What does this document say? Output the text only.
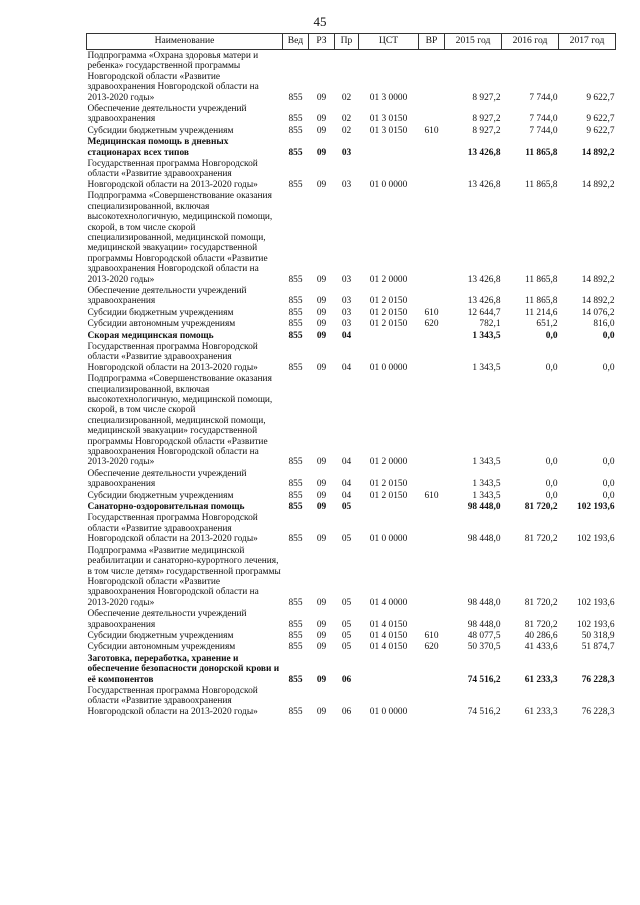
45
Наименование	Вед	РЗ	Пр	ЦСТ	ВР	2015 год	2016 год	2017 год
Подпрограмма «Охрана здоровья матери и ребенка» государственной программы Новгородской области «Развитие здравоохранения Новгородской области на 2013-2020 годы»	855	09	02	01 3 0000		8 927,2	7 744,0	9 622,7
Обеспечение деятельности учреждений здравоохранения	855	09	02	01 3 0150		8 927,2	7 744,0	9 622,7
Субсидии бюджетным учреждениям	855	09	02	01 3 0150	610	8 927,2	7 744,0	9 622,7
Медицинская помощь в дневных стационарах всех типов	855	09	03			13 426,8	11 865,8	14 892,2
Государственная программа Новгородской области «Развитие здравоохранения Новгородской области на 2013-2020 годы»	855	09	03	01 0 0000		13 426,8	11 865,8	14 892,2
Подпрограмма «Совершенствование оказания специализированной, включая высокотехнологичную, медицинской помощи, скорой, в том числе скорой специализированной, медицинской помощи, медицинской эвакуации» государственной программы Новгородской области «Развитие здравоохранения Новгородской области на 2013-2020 годы»	855	09	03	01 2 0000		13 426,8	11 865,8	14 892,2
Обеспечение деятельности учреждений здравоохранения	855	09	03	01 2 0150		13 426,8	11 865,8	14 892,2
Субсидии бюджетным учреждениям	855	09	03	01 2 0150	610	12 644,7	11 214,6	14 076,2
Субсидии автономным учреждениям	855	09	03	01 2 0150	620	782,1	651,2	816,0
Скорая медицинская помощь	855	09	04			1 343,5	0,0	0,0
Государственная программа Новгородской области «Развитие здравоохранения Новгородской области на 2013-2020 годы»	855	09	04	01 0 0000		1 343,5	0,0	0,0
Подпрограмма «Совершенствование оказания специализированной, включая высокотехнологичную, медицинской помощи, скорой, в том числе скорой специализированной, медицинской помощи, медицинской эвакуации» государственной программы Новгородской области «Развитие здравоохранения Новгородской области на 2013-2020 годы»	855	09	04	01 2 0000		1 343,5	0,0	0,0
Обеспечение деятельности учреждений здравоохранения	855	09	04	01 2 0150		1 343,5	0,0	0,0
Субсидии бюджетным учреждениям	855	09	04	01 2 0150	610	1 343,5	0,0	0,0
Санаторно-оздоровительная помощь	855	09	05			98 448,0	81 720,2	102 193,6
Государственная программа Новгородской области «Развитие здравоохранения Новгородской области на 2013-2020 годы»	855	09	05	01 0 0000		98 448,0	81 720,2	102 193,6
Подпрограмма «Развитие медицинской реабилитации и санаторно-курортного лечения, в том числе детям» государственной программы Новгородской области «Развитие здравоохранения Новгородской области на 2013-2020 годы»	855	09	05	01 4 0000		98 448,0	81 720,2	102 193,6
Обеспечение деятельности учреждений здравоохранения	855	09	05	01 4 0150		98 448,0	81 720,2	102 193,6
Субсидии бюджетным учреждениям	855	09	05	01 4 0150	610	48 077,5	40 286,6	50 318,9
Субсидии автономным учреждениям	855	09	05	01 4 0150	620	50 370,5	41 433,6	51 874,7
Заготовка, переработка, хранение и обеспечение безопасности донорской крови и её компонентов	855	09	06			74 516,2	61 233,3	76 228,3
Государственная программа Новгородской области «Развитие здравоохранения Новгородской области на 2013-2020 годы»	855	09	06	01 0 0000		74 516,2	61 233,3	76 228,3
